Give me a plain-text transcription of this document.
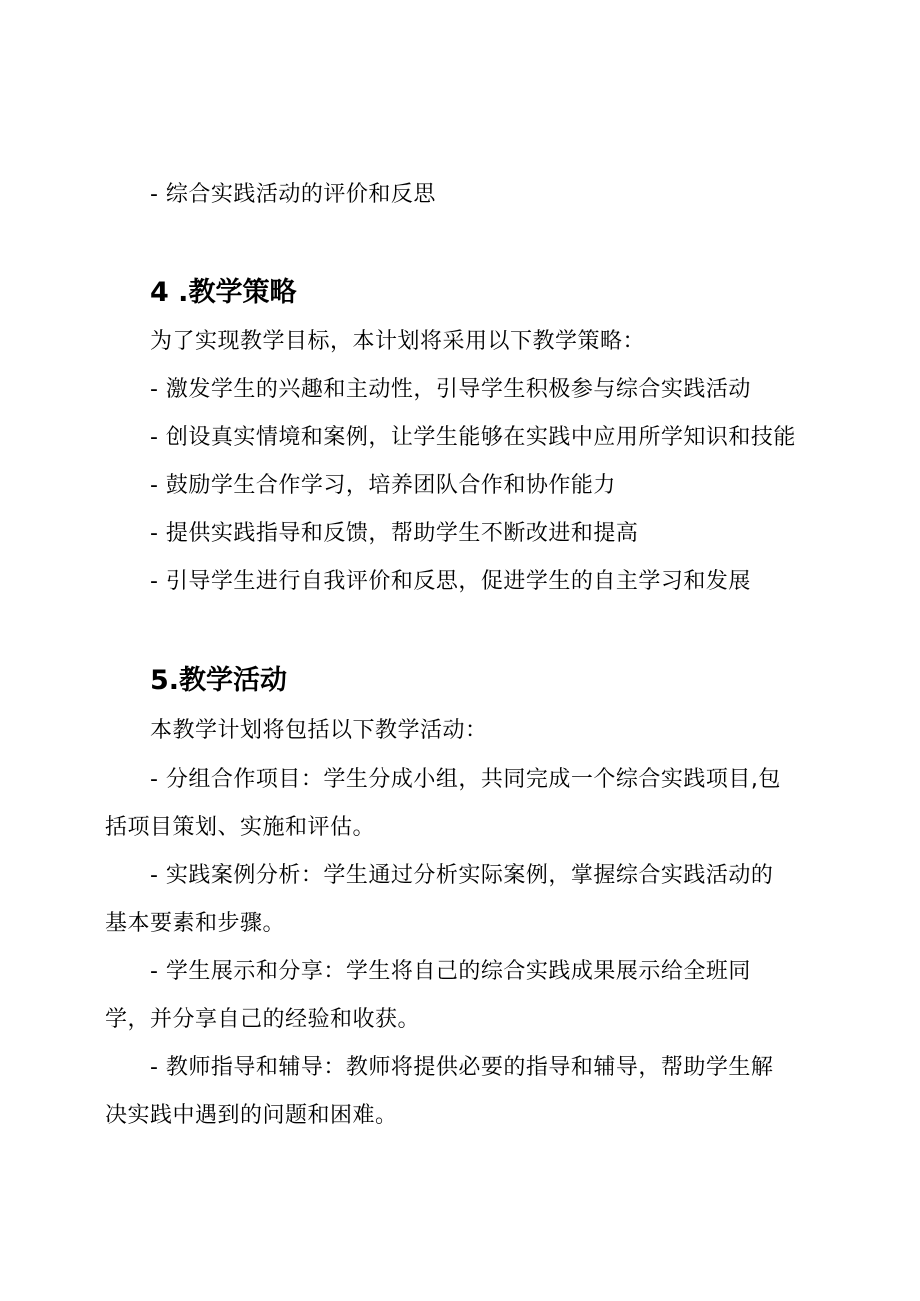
- 综合实践活动的评价和反思
4 .教学策略
为了实现教学目标，本计划将采用以下教学策略：
- 激发学生的兴趣和主动性，引导学生积极参与综合实践活动
- 创设真实情境和案例，让学生能够在实践中应用所学知识和技能
- 鼓励学生合作学习，培养团队合作和协作能力
- 提供实践指导和反馈，帮助学生不断改进和提高
- 引导学生进行自我评价和反思，促进学生的自主学习和发展
5.教学活动
本教学计划将包括以下教学活动：
- 分组合作项目：学生分成小组，共同完成一个综合实践项目,包
括项目策划、实施和评估。
- 实践案例分析：学生通过分析实际案例，掌握综合实践活动的
基本要素和步骤。
- 学生展示和分享：学生将自己的综合实践成果展示给全班同
学，并分享自己的经验和收获。
- 教师指导和辅导：教师将提供必要的指导和辅导，帮助学生解
决实践中遇到的问题和困难。
